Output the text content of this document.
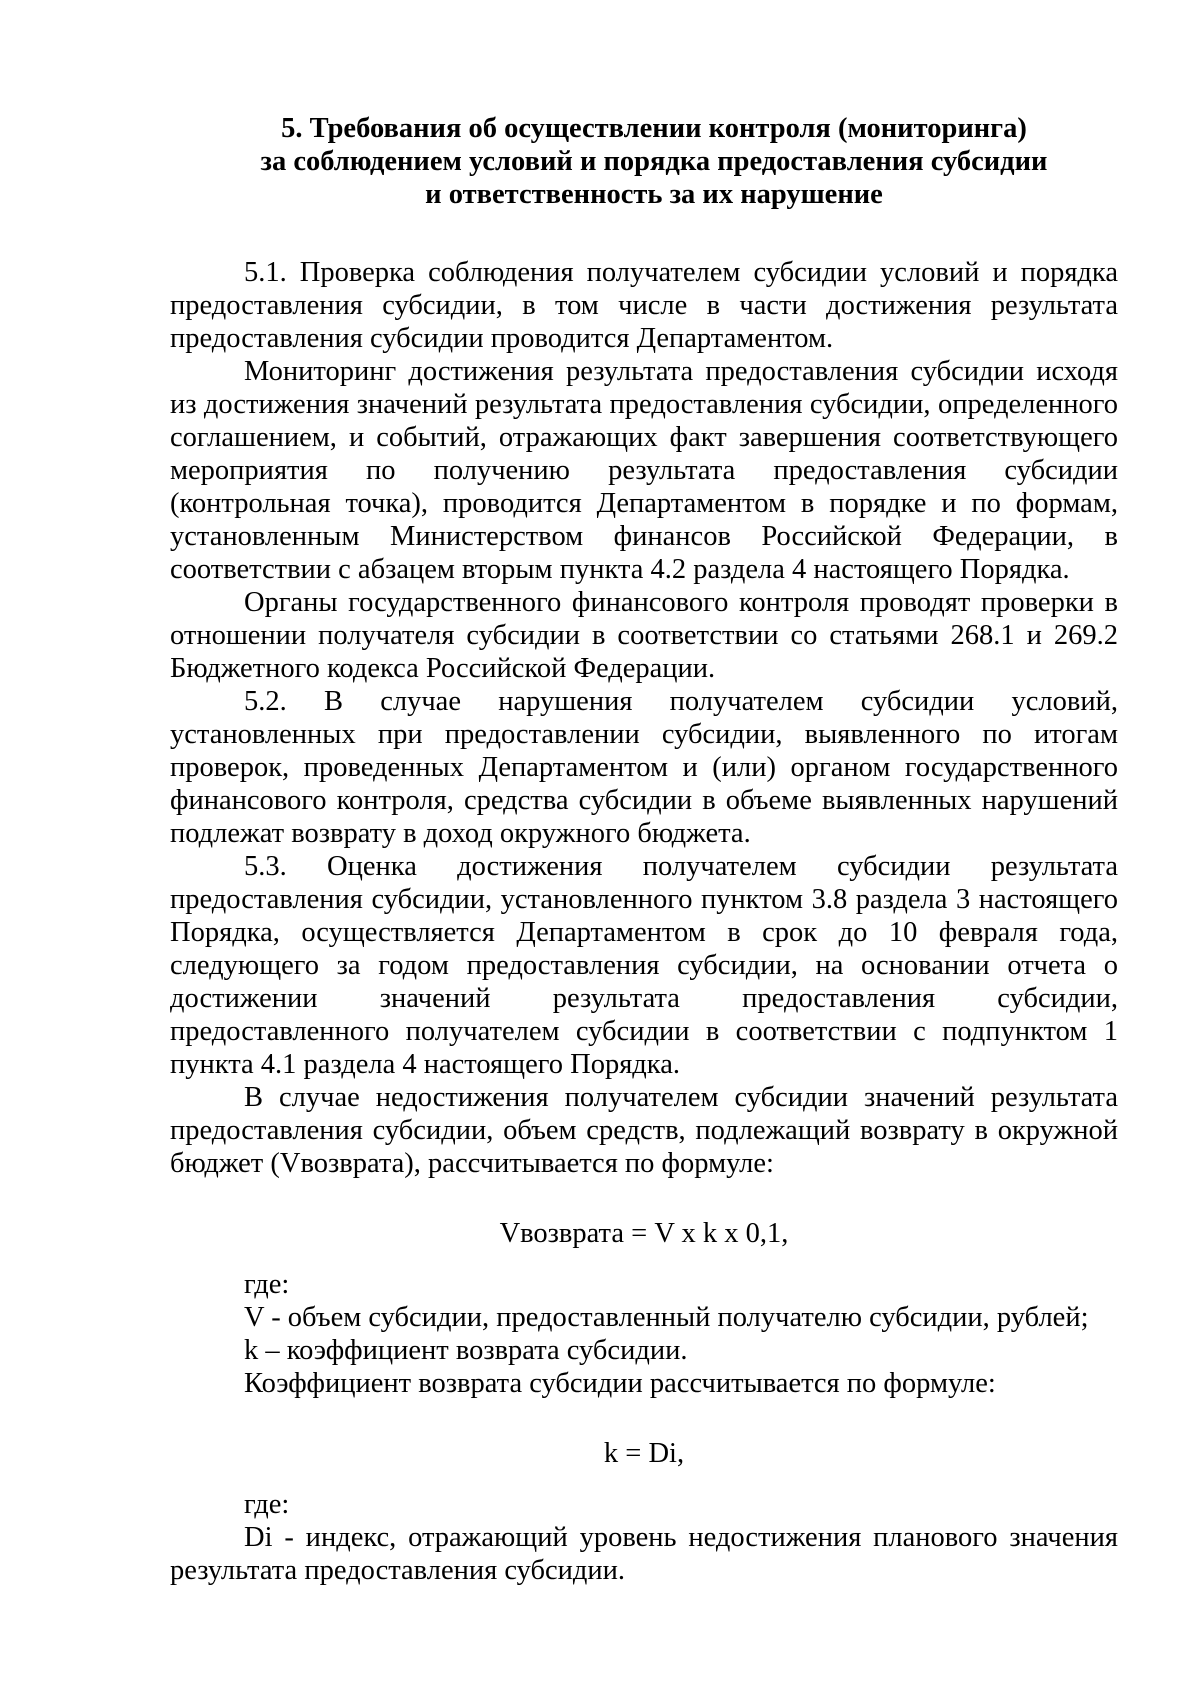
5. Требования об осуществлении контроля (мониторинга)
за соблюдением условий и порядка предоставления субсидии
и ответственность за их нарушение

5.1. Проверка соблюдения получателем субсидии условий и порядка предоставления субсидии, в том числе в части достижения результата предоставления субсидии проводится Департаментом.

Мониторинг достижения результата предоставления субсидии исходя из достижения значений результата предоставления субсидии, определенного соглашением, и событий, отражающих факт завершения соответствующего мероприятия по получению результата предоставления субсидии (контрольная точка), проводится Департаментом в порядке и по формам, установленным Министерством финансов Российской Федерации, в соответствии с абзацем вторым пункта 4.2 раздела 4 настоящего Порядка.

Органы государственного финансового контроля проводят проверки в отношении получателя субсидии в соответствии со статьями 268.1 и 269.2 Бюджетного кодекса Российской Федерации.

5.2. В случае нарушения получателем субсидии условий, установленных при предоставлении субсидии, выявленного по итогам проверок, проведенных Департаментом и (или) органом государственного финансового контроля, средства субсидии в объеме выявленных нарушений подлежат возврату в доход окружного бюджета.

5.3. Оценка достижения получателем субсидии результата предоставления субсидии, установленного пунктом 3.8 раздела 3 настоящего Порядка, осуществляется Департаментом в срок до 10 февраля года, следующего за годом предоставления субсидии, на основании отчета о достижении значений результата предоставления субсидии, предоставленного получателем субсидии в соответствии с подпунктом 1 пункта 4.1 раздела 4 настоящего Порядка.

В случае недостижения получателем субсидии значений результата предоставления субсидии, объем средств, подлежащий возврату в окружной бюджет (Vвозврата), рассчитывается по формуле:

Vвозврата = V x k x 0,1,

где:

V - объем субсидии, предоставленный получателю субсидии, рублей;

k – коэффициент возврата субсидии.

Коэффициент возврата субсидии рассчитывается по формуле:

k = Di,

где:

Di - индекс, отражающий уровень недостижения планового значения результата предоставления субсидии.
